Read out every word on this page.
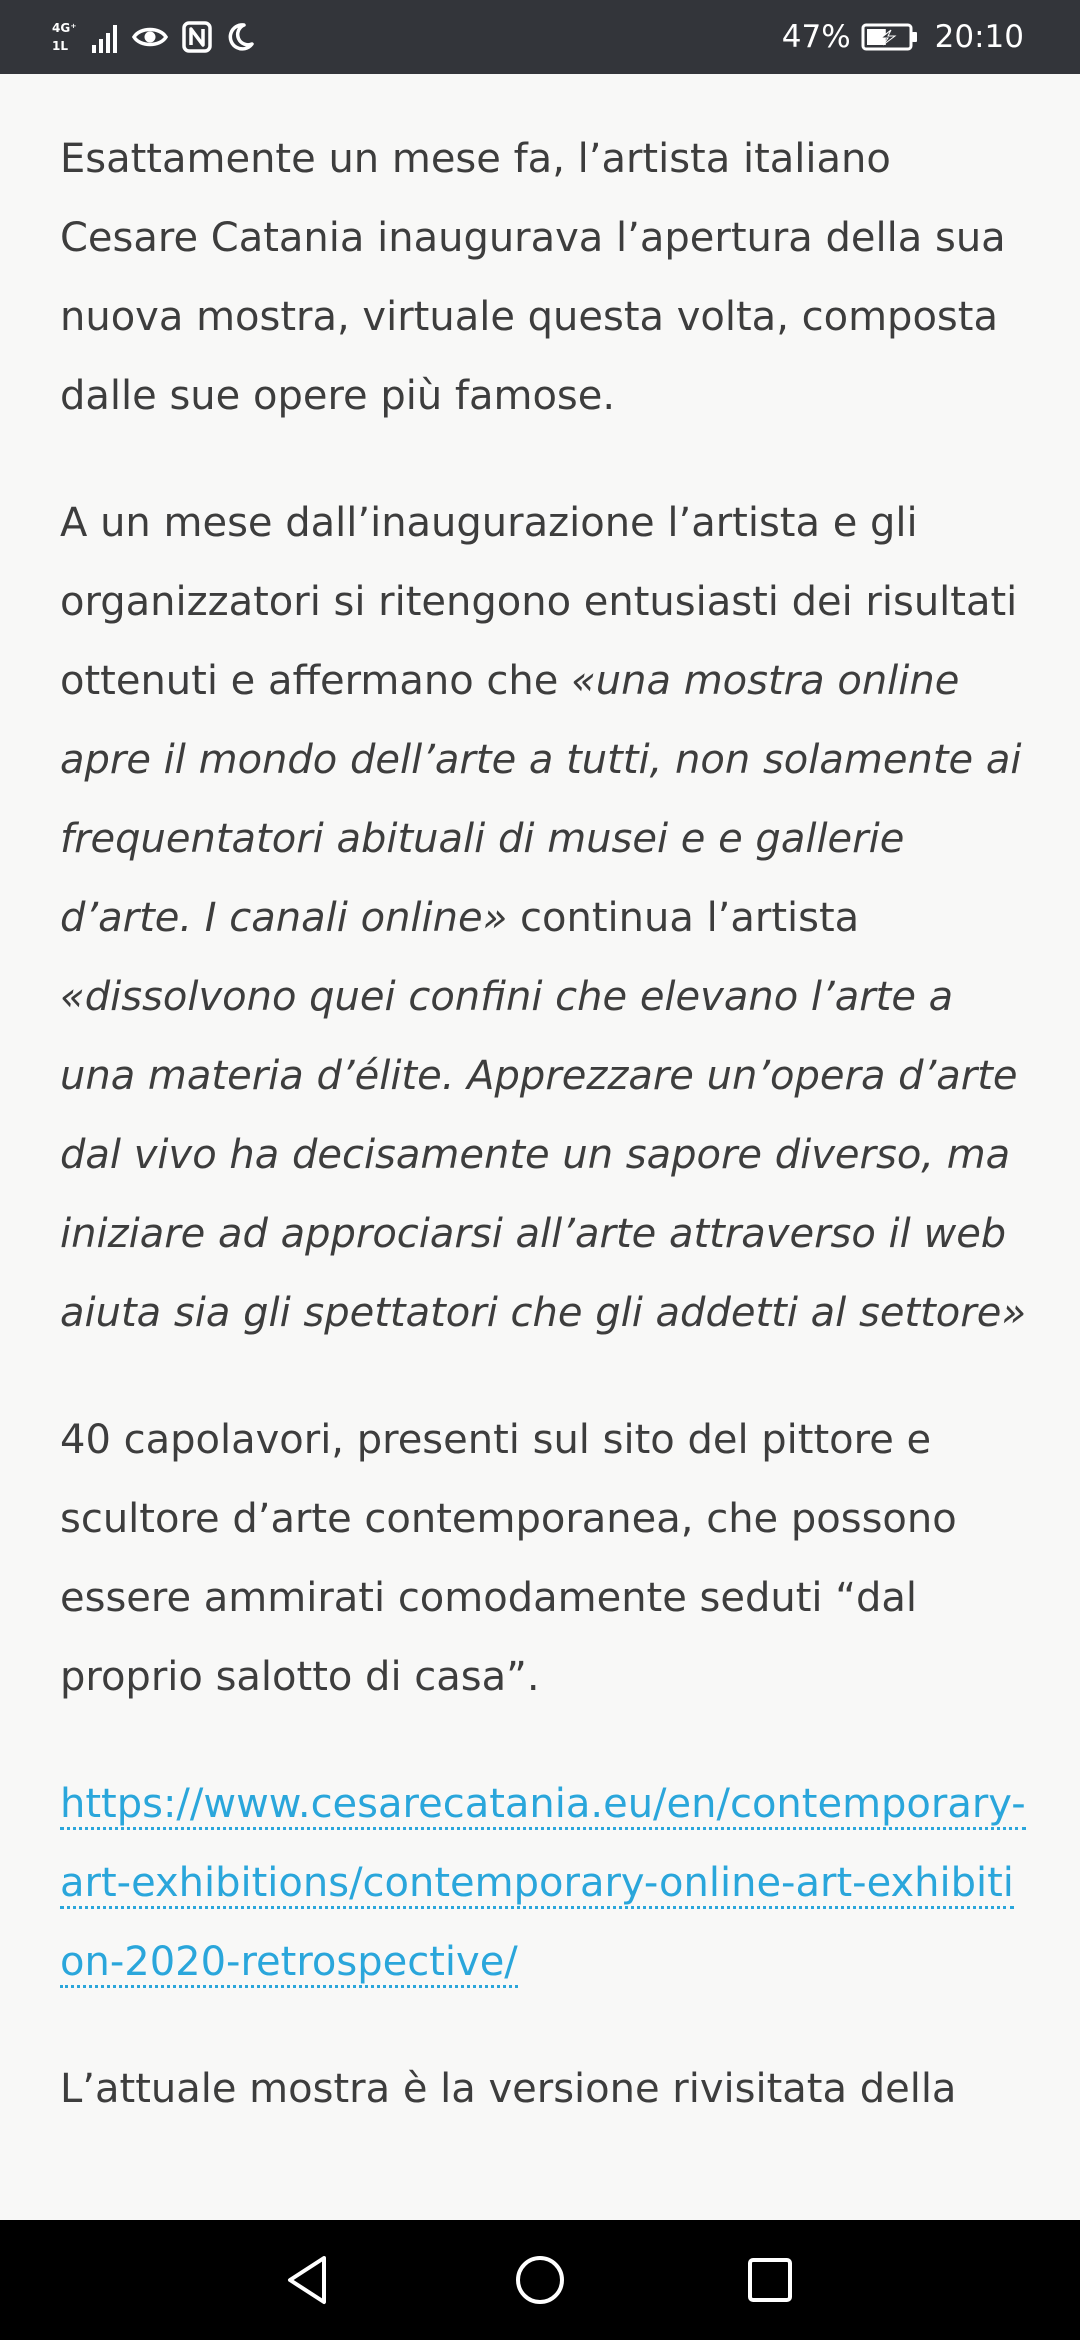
4G⁺
1L	47%	20:10

Esattamente un mese fa, l’artista italiano Cesare Catania inaugurava l’apertura della sua nuova mostra, virtuale questa volta, composta dalle sue opere più famose.

A un mese dall’inaugurazione l’artista e gli organizzatori si ritengono entusiasti dei risultati ottenuti e affermano che «una mostra online apre il mondo dell’arte a tutti, non solamente ai frequentatori abituali di musei e e gallerie d’arte. I canali online» continua l’artista «dissolvono quei confini che elevano l’arte a una materia d’élite. Apprezzare un’opera d’arte dal vivo ha decisamente un sapore diverso, ma iniziare ad approciarsi all’arte attraverso il web aiuta sia gli spettatori che gli addetti al settore»

40 capolavori, presenti sul sito del pittore e scultore d’arte contemporanea, che possono essere ammirati comodamente seduti “dal proprio salotto di casa”.

https://www.cesarecatania.eu/en/contemporary-art-exhibitions/contemporary-online-art-exhibition-2020-retrospective/

L’attuale mostra è la versione rivisitata della
